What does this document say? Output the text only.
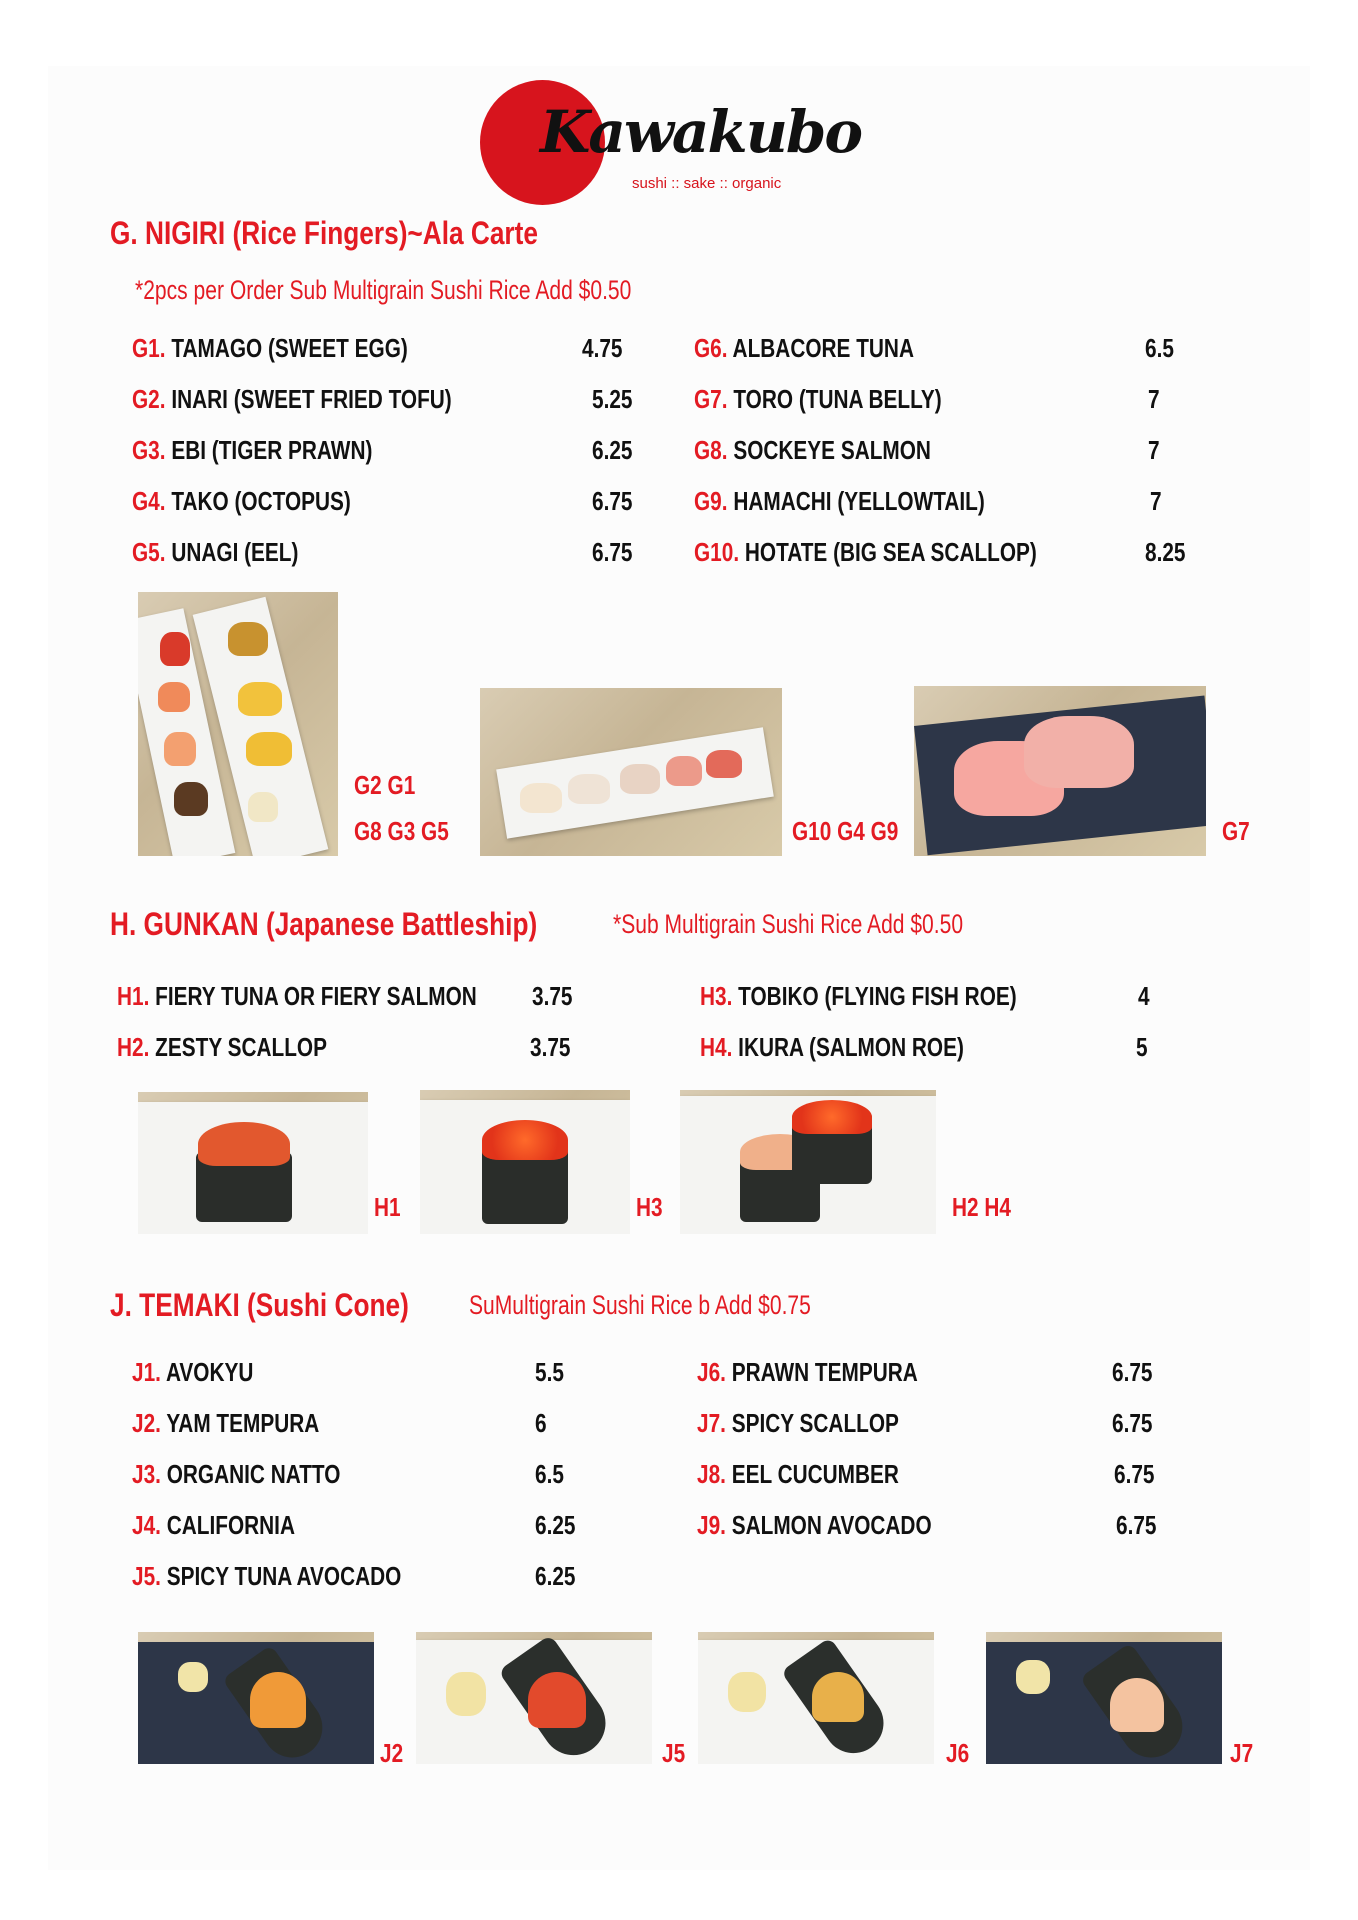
Kawakubo
sushi :: sake :: organic
G. NIGIRI (Rice Fingers)~Ala Carte
*2pcs per Order Sub Multigrain Sushi Rice Add $0.50
G1. TAMAGO (SWEET EGG)	4.75
G2. INARI (SWEET FRIED TOFU)	5.25
G3. EBI (TIGER PRAWN)	6.25
G4. TAKO (OCTOPUS)	6.75
G5. UNAGI (EEL)	6.75
G6. ALBACORE TUNA	6.5
G7. TORO (TUNA BELLY)	7
G8. SOCKEYE SALMON	7
G9. HAMACHI (YELLOWTAIL)	7
G10. HOTATE (BIG SEA SCALLOP)	8.25
G2 G1
G8 G3 G5	G10 G4 G9	G7
H. GUNKAN (Japanese Battleship)	*Sub Multigrain Sushi Rice Add $0.50
H1. FIERY TUNA OR FIERY SALMON 3.75
H2. ZESTY SCALLOP	3.75
H3. TOBIKO (FLYING FISH ROE)	4
H4. IKURA (SALMON ROE)	5
H1	H3	H2 H4
J. TEMAKI (Sushi Cone) SuMultigrain Sushi Rice b Add $0.75
J1. AVOKYU	5.5
J2. YAM TEMPURA	6
J3. ORGANIC NATTO	6.5
J4. CALIFORNIA	6.25
J5. SPICY TUNA AVOCADO	6.25
J6. PRAWN TEMPURA	6.75
J7. SPICY SCALLOP	6.75
J8. EEL CUCUMBER	6.75
J9. SALMON AVOCADO	6.75
J2	J5	J6	J7
